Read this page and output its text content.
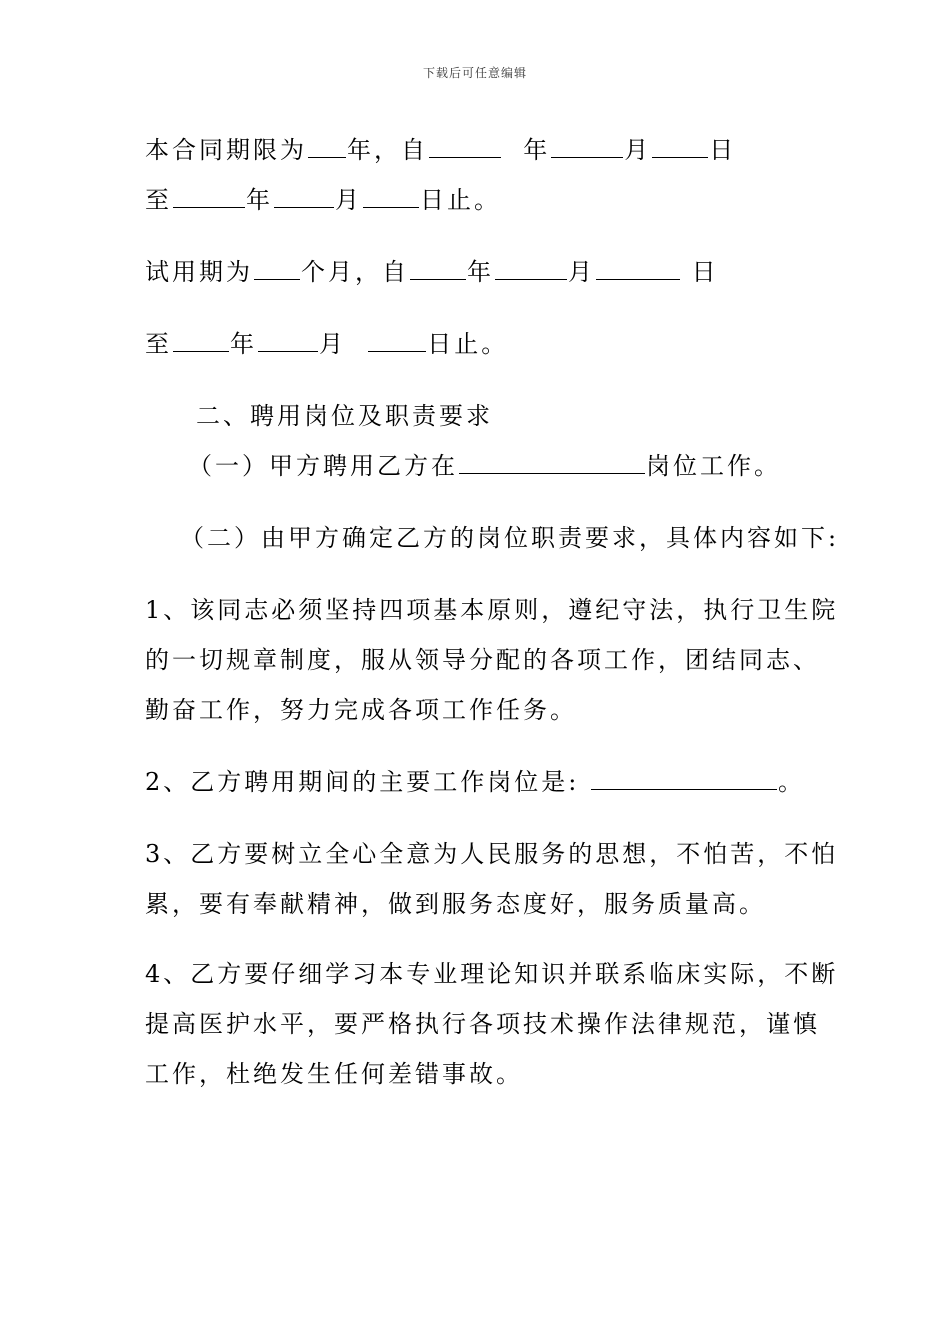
下载后可任意编辑
本合同期限为 年，自	年	月 日
至	年	月 日止。
试用期为 个月，自 年	月	日
至 年	月	日止。
二、聘用岗位及职责要求
（一）甲方聘用乙方在	岗位工作。
（二）由甲方确定乙方的岗位职责要求，具体内容如下:
1、该同志必须坚持四项基本原则，遵纪守法，执行卫生院
的一切规章制度，服从领导分配的各项工作，团结同志、
勤奋工作，努力完成各项工作任务。
2、乙方聘用期间的主要工作岗位是:	。
3、乙方要树立全心全意为人民服务的思想，不怕苦，不怕
累，要有奉献精神，做到服务态度好，服务质量高。
4、乙方要仔细学习本专业理论知识并联系临床实际，不断
提高医护水平，要严格执行各项技术操作法律规范，谨慎
工作，杜绝发生任何差错事故。
